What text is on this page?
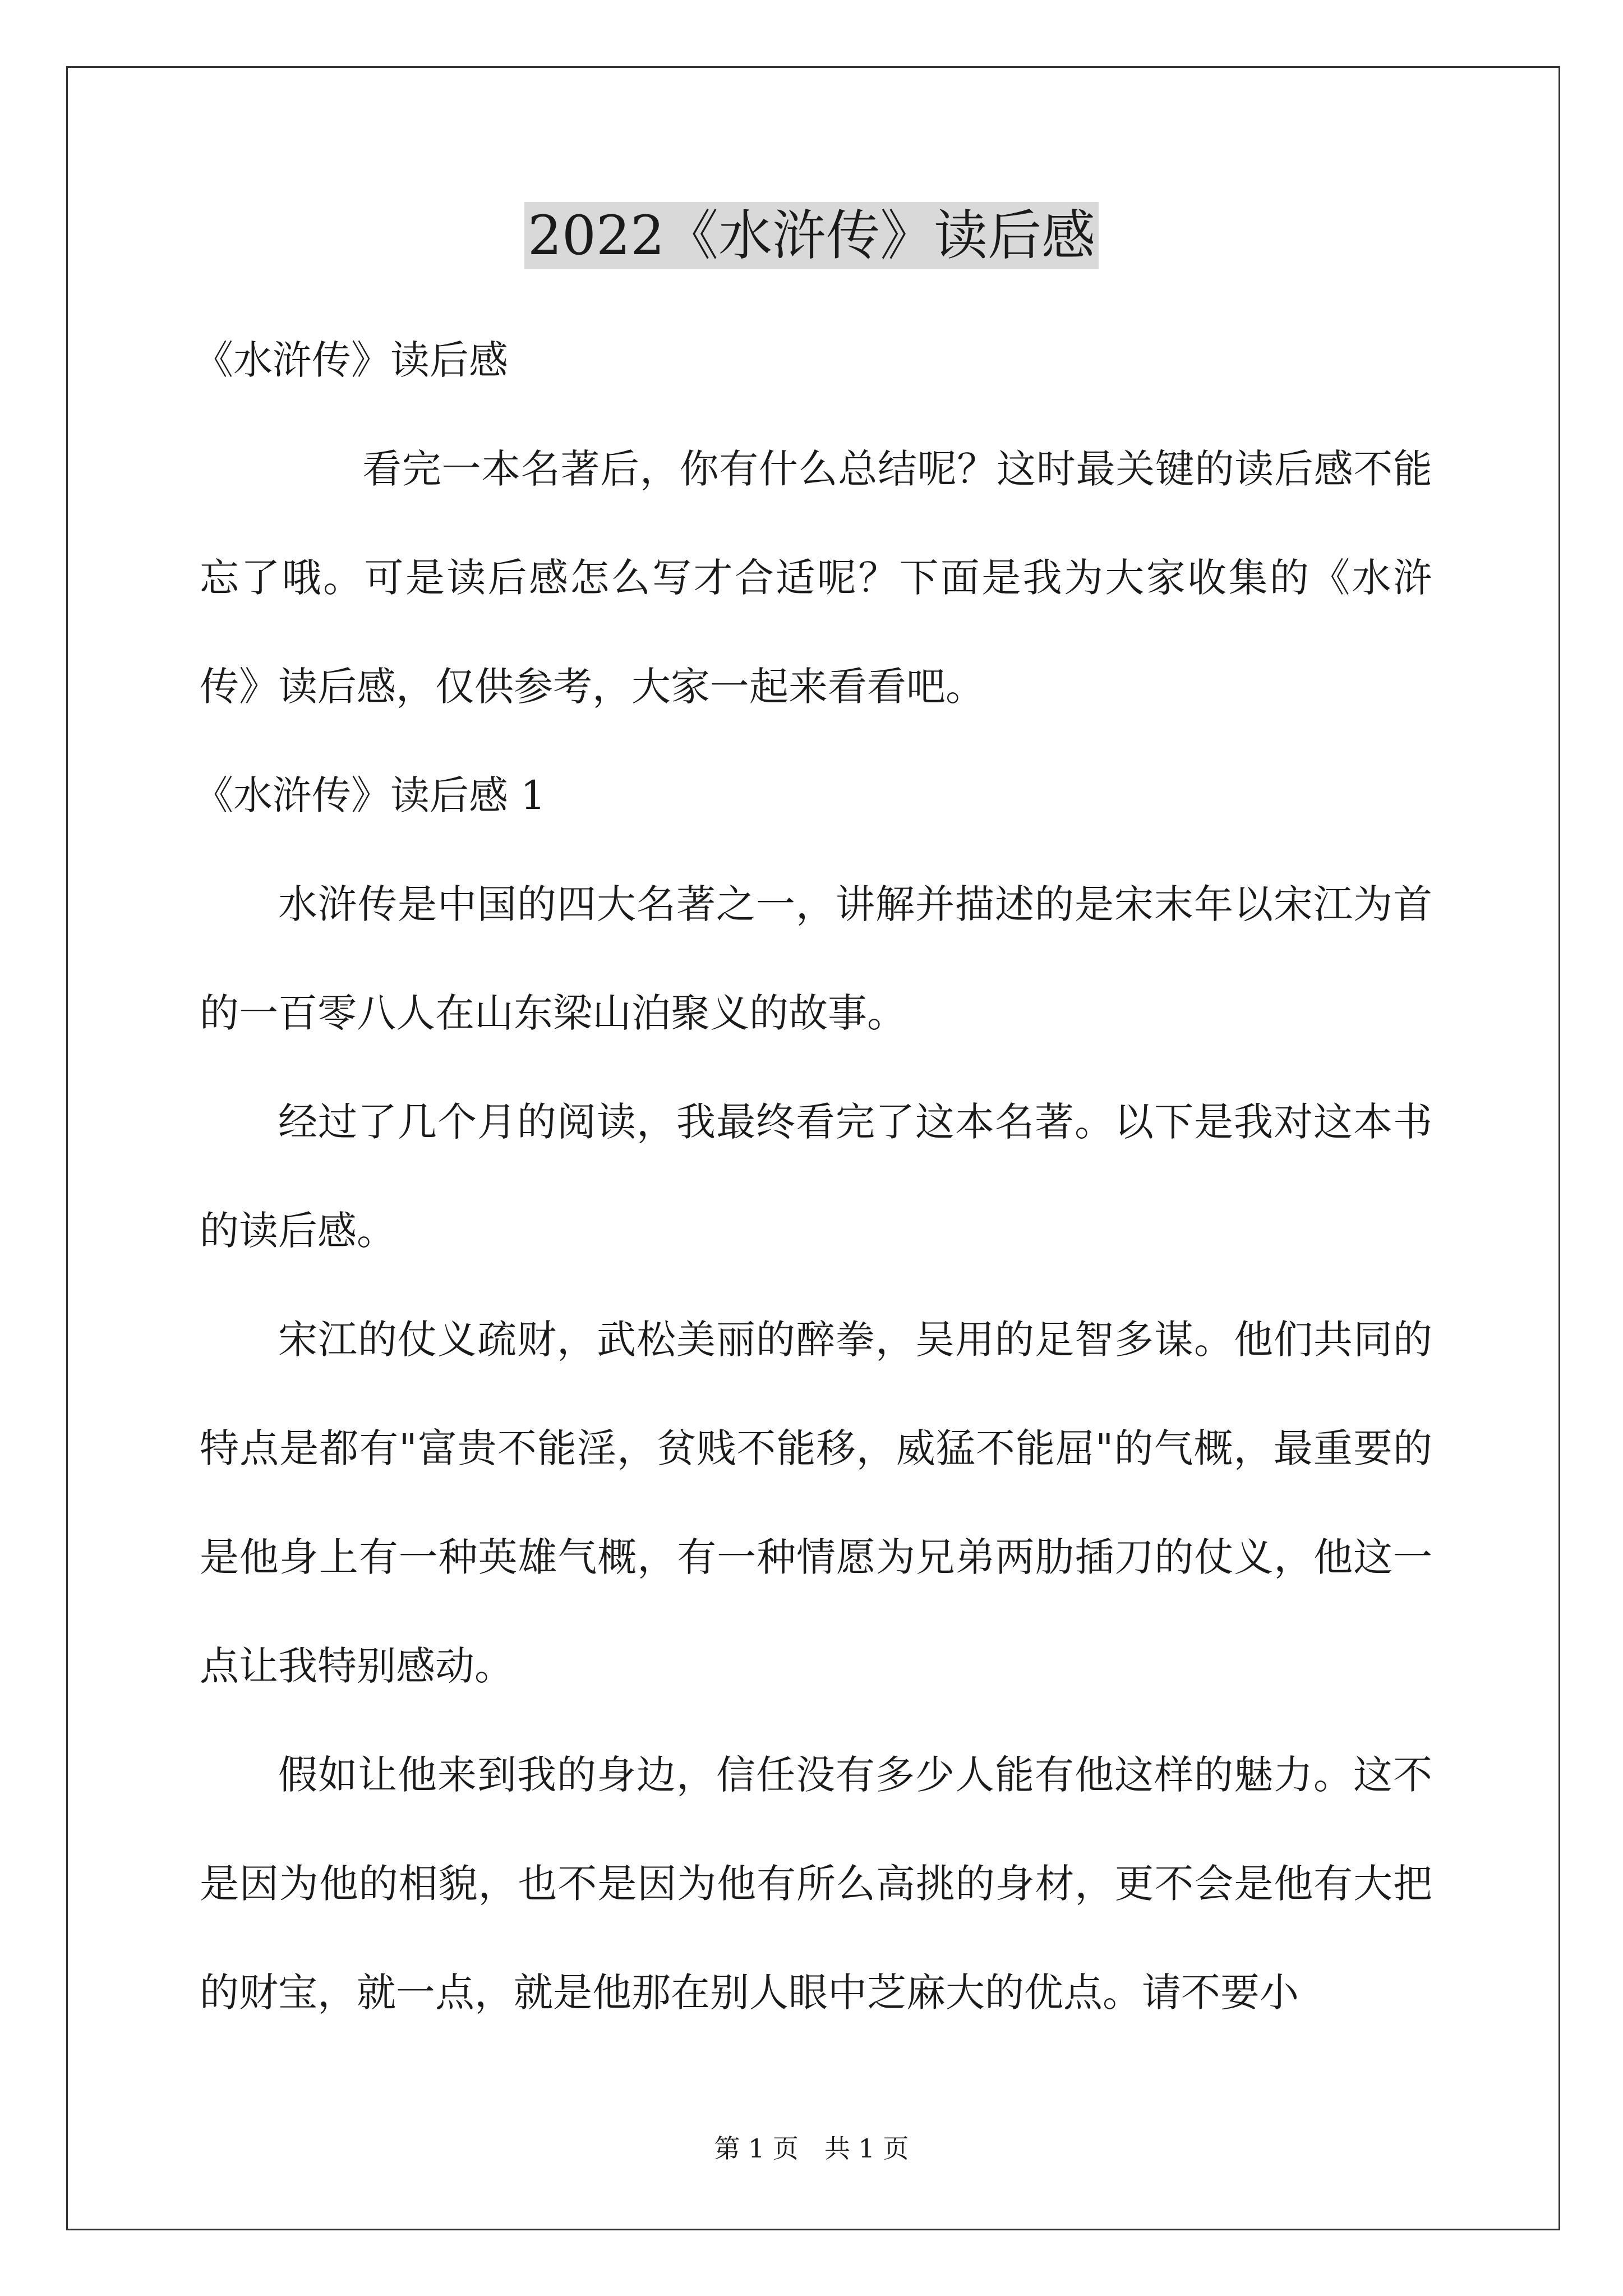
2022《水浒传》读后感

《水浒传》读后感

看完一本名著后，你有什么总结呢？这时最关键的读后感不能忘了哦。可是读后感怎么写才合适呢？下面是我为大家收集的《水浒传》读后感，仅供参考，大家一起来看看吧。

《水浒传》读后感 1

水浒传是中国的四大名著之一，讲解并描述的是宋末年以宋江为首的一百零八人在山东梁山泊聚义的故事。

经过了几个月的阅读，我最终看完了这本名著。以下是我对这本书的读后感。

宋江的仗义疏财，武松美丽的醉拳，吴用的足智多谋。他们共同的特点是都有"富贵不能淫，贫贱不能移，威猛不能屈"的气概，最重要的是他身上有一种英雄气概，有一种情愿为兄弟两肋插刀的仗义，他这一点让我特别感动。

假如让他来到我的身边，信任没有多少人能有他这样的魅力。这不是因为他的相貌，也不是因为他有所么高挑的身材，更不会是他有大把的财宝，就一点，就是他那在别人眼中芝麻大的优点。请不要小

第 1 页　共 1 页
